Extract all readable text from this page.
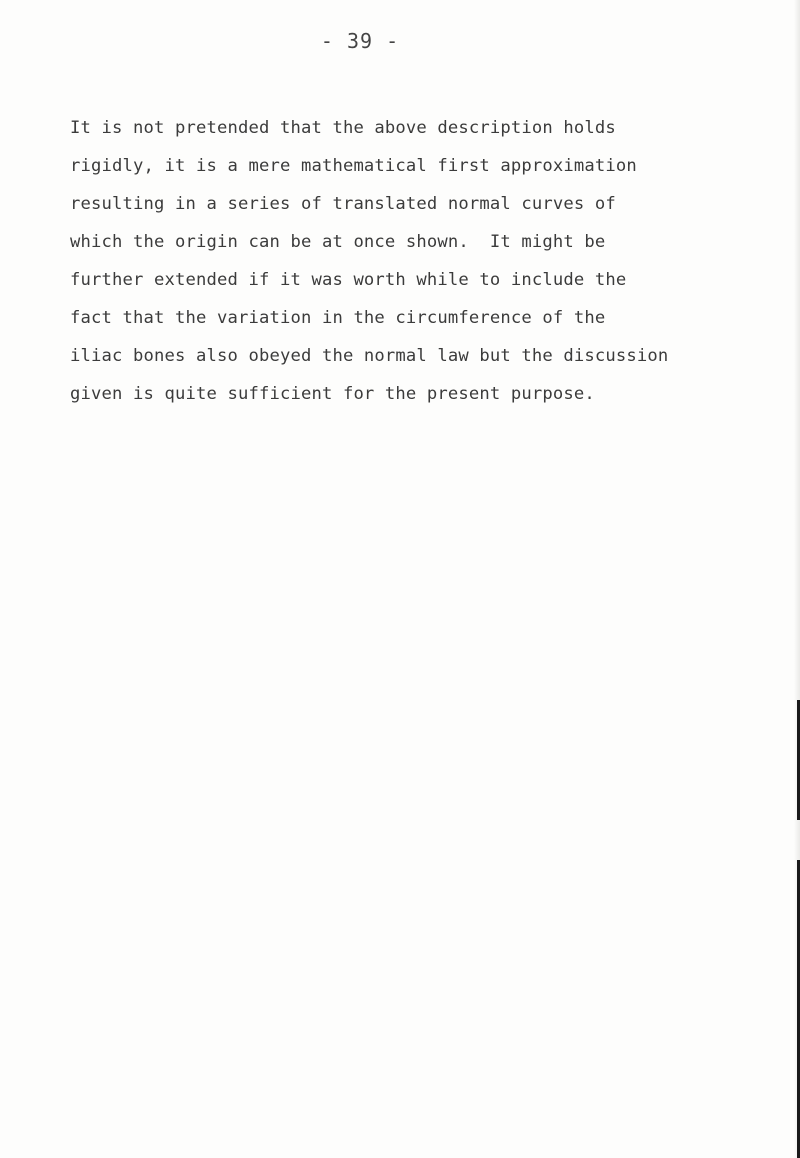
- 39 -
It is not pretended that the above description holds
rigidly, it is a mere mathematical first approximation
resulting in a series of translated normal curves of
which the origin can be at once shown.  It might be
further extended if it was worth while to include the
fact that the variation in the circumference of the
iliac bones also obeyed the normal law but the discussion
given is quite sufficient for the present purpose.
